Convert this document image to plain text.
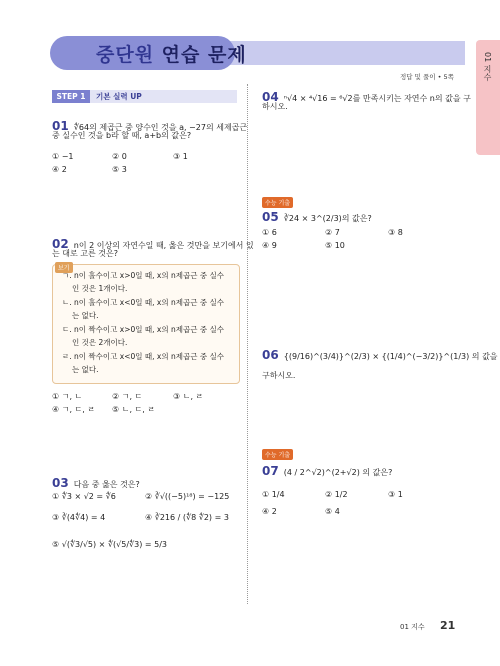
중단원 연습 문제
정답 및 풀이 • 5쪽	01 지수
STEP 1	기본 실력 UP
01 ∜64의 제곱근 중 양수인 것을 a, −27의 세제곱근
중 실수인 것을 b라 할 때, a+b의 값은?
① −1	② 0	③ 1
④ 2	⑤ 3
02 n이 2 이상의 자연수일 때, 옳은 것만을 보기에서 있
는 대로 고른 것은?
보기
ㄱ. n이 홀수이고 x>0일 때, x의 n제곱근 중 실수
인 것은 1개이다.
ㄴ. n이 홀수이고 x<0일 때, x의 n제곱근 중 실수
는 없다.
ㄷ. n이 짝수이고 x>0일 때, x의 n제곱근 중 실수
인 것은 2개이다.
ㄹ. n이 짝수이고 x<0일 때, x의 n제곱근 중 실수
는 없다.
① ㄱ, ㄴ	② ㄱ, ㄷ	③ ㄴ, ㄹ
④ ㄱ, ㄷ, ㄹ ⑤ ㄴ, ㄷ, ㄹ
03 다음 중 옳은 것은?
① ∜3 × √2 = ∜6	② ∛√((−5)¹⁸) = −125
③ ∛(4∜4) = 4	④ ∛216 / (∜8 ∜2) = 3
⑤ √(∜3/√5) × ∜(√5/∜3) = 5/3
04 ⁿ√4 × ⁴√16 = ⁶√2를 만족시키는 자연수 n의 값을 구
하시오.
수능 기출
05 ∛24 × 3^(2/3)의 값은?
① 6	② 7	③ 8
④ 9	⑤ 10
06 {(9/16)^(3/4)}^(2/3) × {(1/4)^(−3/2)}^(1/3) 의 값을 구하시오.
수능 기출
07 (4 / 2^√2)^(2+√2) 의 값은?
① 1/4	② 1/2	③ 1
④ 2	⑤ 4
01 지수 21
